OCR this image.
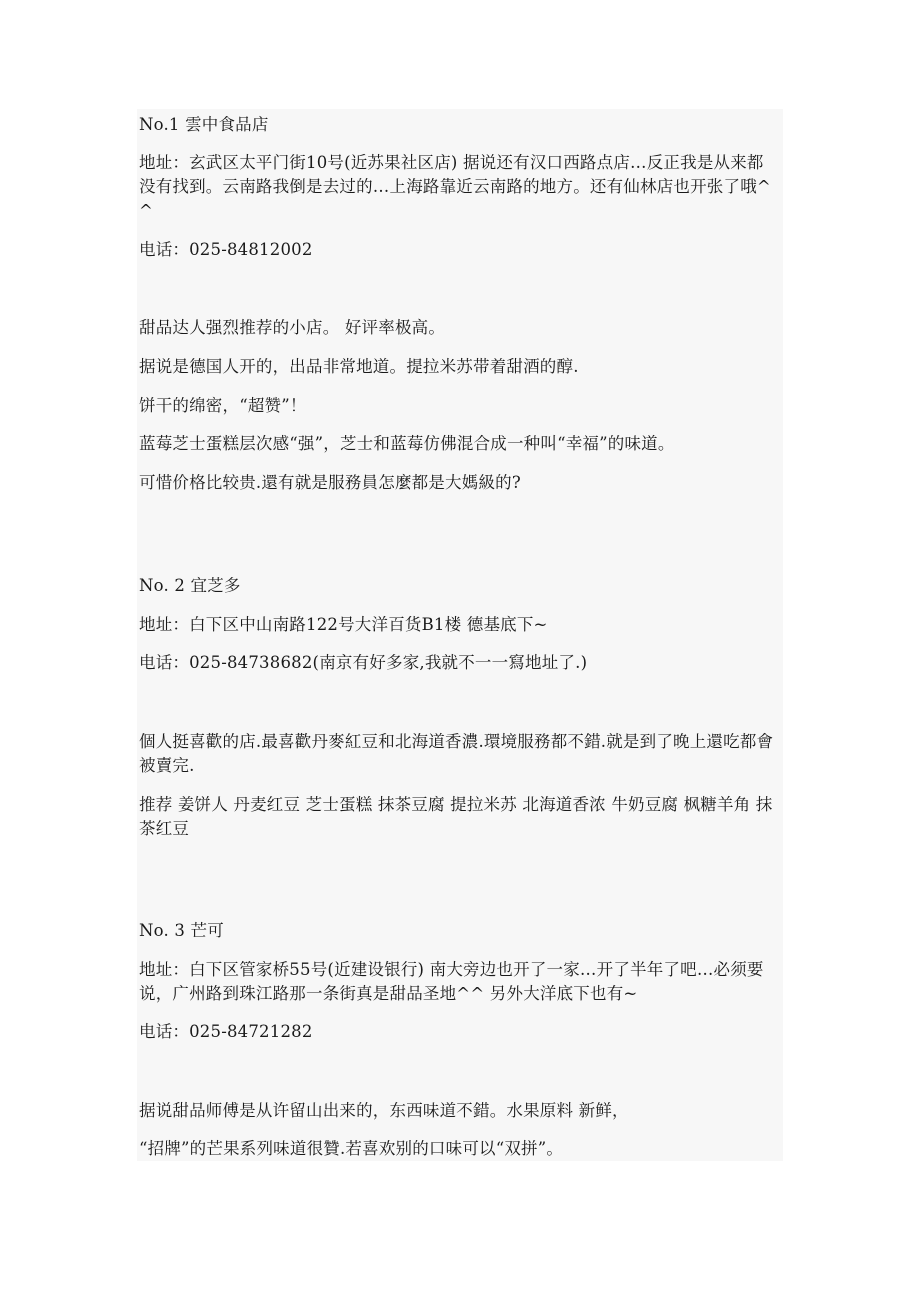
No.1 雲中食品店
地址：玄武区太平门街10号(近苏果社区店) 据说还有汉口西路点店…反正我是从来都没有找到。云南路我倒是去过的…上海路靠近云南路的地方。还有仙林店也开张了哦^^
电话：025-84812002
甜品达人强烈推荐的小店。 好评率极高。
据说是德国人开的，出品非常地道。提拉米苏带着甜酒的醇.
饼干的绵密，“超赞”！
蓝莓芝士蛋糕层次感“强”，芝士和蓝莓仿佛混合成一种叫“幸福”的味道。
可惜价格比较贵.還有就是服務員怎麼都是大媽級的?
No. 2 宜芝多
地址：白下区中山南路122号大洋百货B1楼 德基底下~
电话：025-84738682(南京有好多家,我就不一一寫地址了.)
個人挺喜歡的店.最喜歡丹麥紅豆和北海道香濃.環境服務都不錯.就是到了晚上還吃都會被賣完.
推荐 姜饼人 丹麦红豆 芝士蛋糕 抹茶豆腐 提拉米苏 北海道香浓 牛奶豆腐 枫糖羊角 抹茶红豆
No. 3 芒可
地址：白下区管家桥55号(近建设银行) 南大旁边也开了一家…开了半年了吧…必须要说，广州路到珠江路那一条街真是甜品圣地^^ 另外大洋底下也有~
电话：025-84721282
据说甜品师傅是从许留山出来的，东西味道不錯。水果原料 新鲜，
“招牌”的芒果系列味道很贊.若喜欢别的口味可以“双拼”。
